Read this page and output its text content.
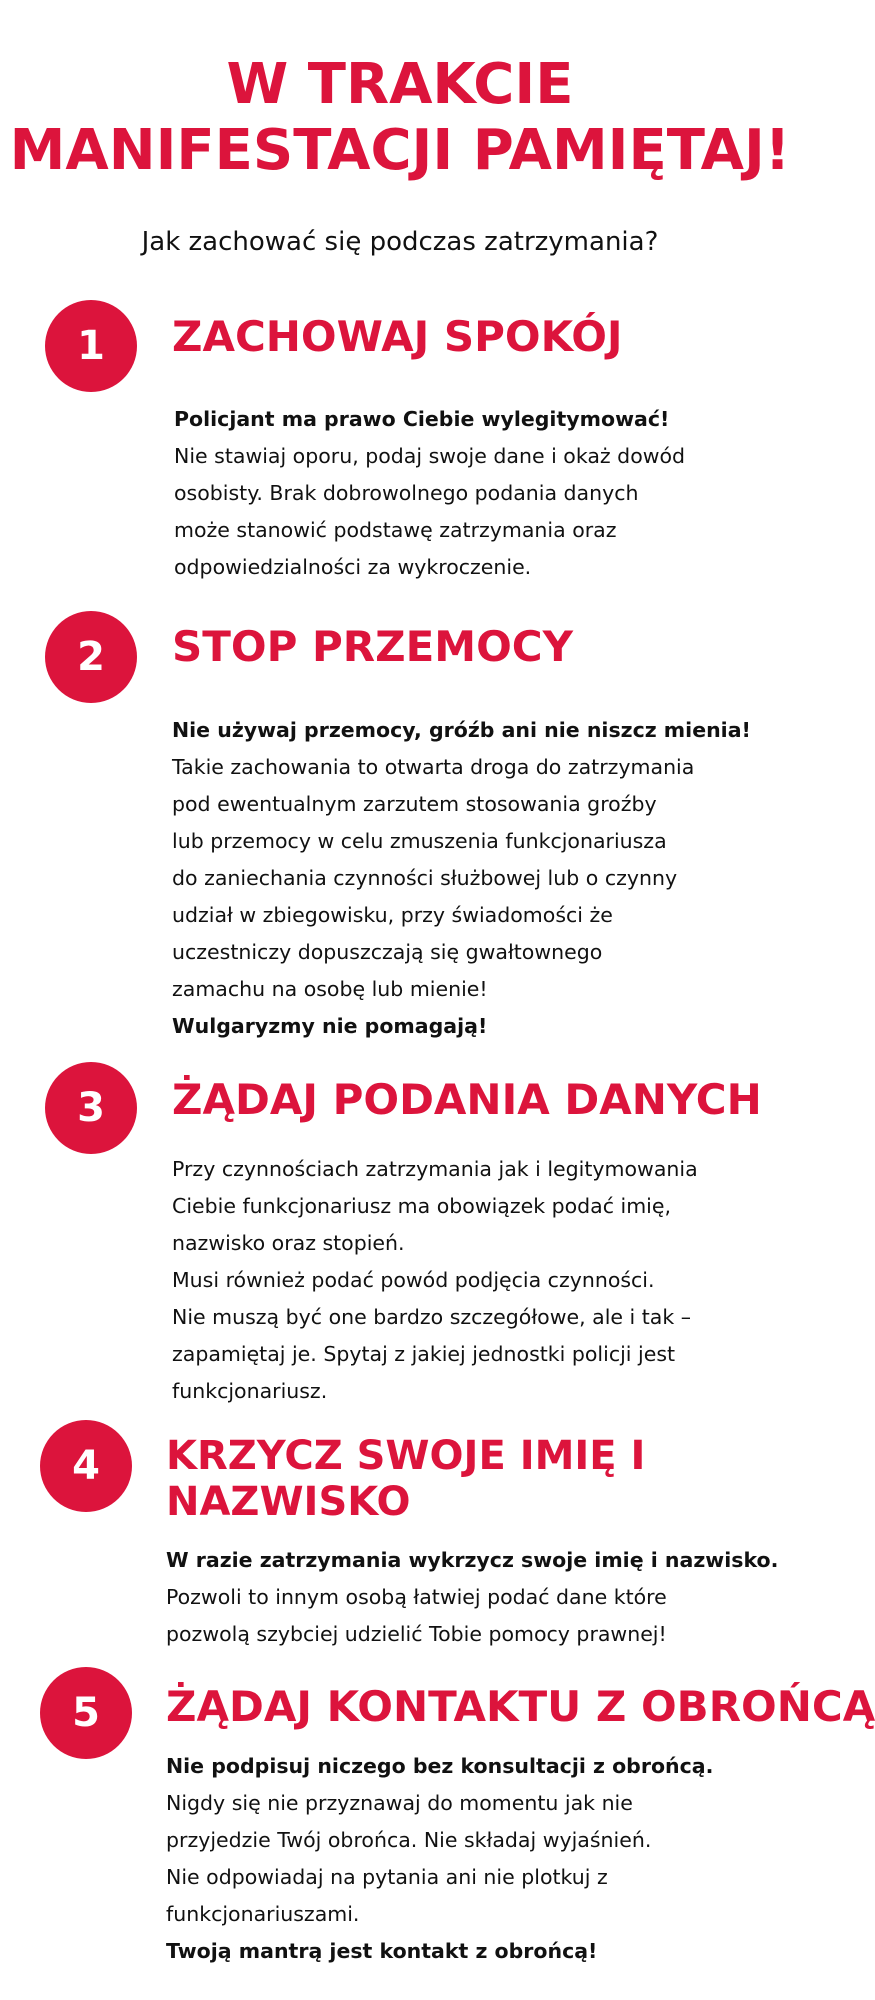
W TRAKCIE
MANIFESTACJI PAMIĘTAJ!
Jak zachować się podczas zatrzymania?
1	ZACHOWAJ SPOKÓJ

Policjant ma prawo Ciebie wylegitymować!

Nie stawiaj oporu, podaj swoje dane i okaż dowód

osobisty. Brak dobrowolnego podania danych

może stanowić podstawę zatrzymania oraz

odpowiedzialności za wykroczenie.

2	STOP PRZEMOCY

Nie używaj przemocy, gróźb ani nie niszcz mienia!

Takie zachowania to otwarta droga do zatrzymania

pod ewentualnym zarzutem stosowania groźby

lub przemocy w celu zmuszenia funkcjonariusza

do zaniechania czynności służbowej lub o czynny

udział w zbiegowisku, przy świadomości że

uczestniczy dopuszczają się gwałtownego

zamachu na osobę lub mienie!

Wulgaryzmy nie pomagają!

3	ŻĄDAJ PODANIA DANYCH

Przy czynnościach zatrzymania jak i legitymowania

Ciebie funkcjonariusz ma obowiązek podać imię,

nazwisko oraz stopień.

Musi również podać powód podjęcia czynności.

Nie muszą być one bardzo szczegółowe, ale i tak –

zapamiętaj je. Spytaj z jakiej jednostki policji jest

funkcjonariusz.

4	KRZYCZ SWOJE IMIĘ I
NAZWISKO

W razie zatrzymania wykrzycz swoje imię i nazwisko.

Pozwoli to innym osobą łatwiej podać dane które

pozwolą szybciej udzielić Tobie pomocy prawnej!

5	ŻĄDAJ KONTAKTU Z OBROŃCĄ

Nie podpisuj niczego bez konsultacji z obrońcą.

Nigdy się nie przyznawaj do momentu jak nie

przyjedzie Twój obrońca. Nie składaj wyjaśnień.

Nie odpowiadaj na pytania ani nie plotkuj z

funkcjonariuszami.

Twoją mantrą jest kontakt z obrońcą!
